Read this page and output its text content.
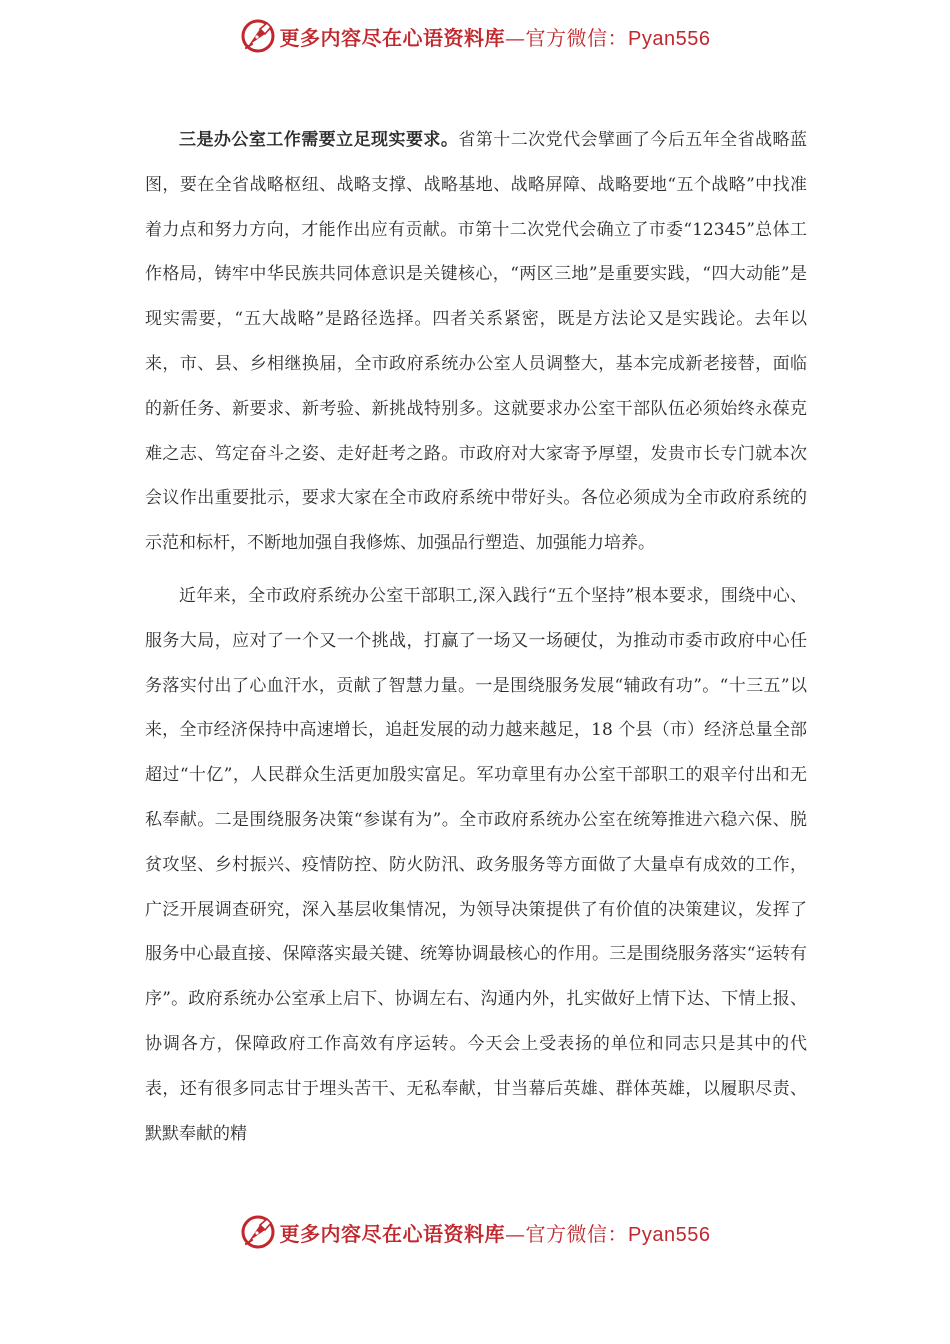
更多内容尽在心语资料库—官方微信：Pyan556

三是办公室工作需要立足现实要求。省第十二次党代会擘画了今后五年全省战略蓝图，要在全省战略枢纽、战略支撑、战略基地、战略屏障、战略要地“五个战略”中找准着力点和努力方向，才能作出应有贡献。市第十二次党代会确立了市委“12345”总体工作格局，铸牢中华民族共同体意识是关键核心，“两区三地”是重要实践，“四大动能”是现实需要，“五大战略”是路径选择。四者关系紧密，既是方法论又是实践论。去年以来，市、县、乡相继换届，全市政府系统办公室人员调整大，基本完成新老接替，面临的新任务、新要求、新考验、新挑战特别多。这就要求办公室干部队伍必须始终永葆克难之志、笃定奋斗之姿、走好赶考之路。市政府对大家寄予厚望，发贵市长专门就本次会议作出重要批示，要求大家在全市政府系统中带好头。各位必须成为全市政府系统的示范和标杆，不断地加强自我修炼、加强品行塑造、加强能力培养。

近年来，全市政府系统办公室干部职工,深入践行“五个坚持”根本要求，围绕中心、服务大局，应对了一个又一个挑战，打赢了一场又一场硬仗，为推动市委市政府中心任务落实付出了心血汗水，贡献了智慧力量。一是围绕服务发展“辅政有功”。“十三五”以来，全市经济保持中高速增长，追赶发展的动力越来越足，18 个县（市）经济总量全部超过“十亿”，人民群众生活更加殷实富足。军功章里有办公室干部职工的艰辛付出和无私奉献。二是围绕服务决策“参谋有为”。全市政府系统办公室在统筹推进六稳六保、脱贫攻坚、乡村振兴、疫情防控、防火防汛、政务服务等方面做了大量卓有成效的工作，广泛开展调查研究，深入基层收集情况，为领导决策提供了有价值的决策建议，发挥了服务中心最直接、保障落实最关键、统筹协调最核心的作用。三是围绕服务落实“运转有序”。政府系统办公室承上启下、协调左右、沟通内外，扎实做好上情下达、下情上报、协调各方，保障政府工作高效有序运转。今天会上受表扬的单位和同志只是其中的代表，还有很多同志甘于埋头苦干、无私奉献，甘当幕后英雄、群体英雄，以履职尽责、默默奉献的精

更多内容尽在心语资料库—官方微信：Pyan556
